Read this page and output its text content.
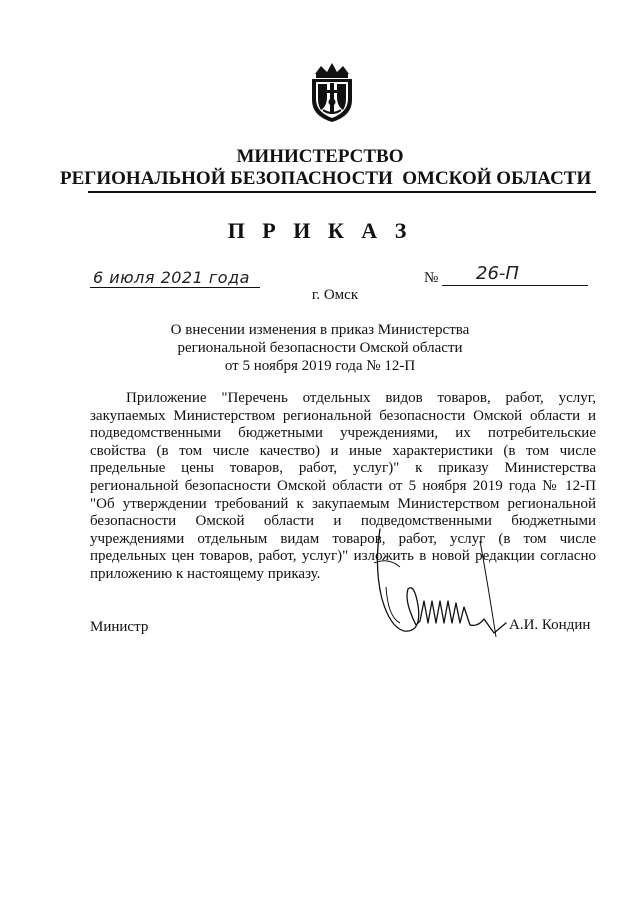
МИНИСТЕРСТВО
РЕГИОНАЛЬНОЙ БЕЗОПАСНОСТИ  ОМСКОЙ ОБЛАСТИ
П Р И К А З
6 июля 2021 года	№ 26-П
г. Омск
О внесении изменения в приказ Министерства
региональной безопасности Омской области
от 5 ноября 2019 года № 12-П

Приложение "Перечень отдельных видов товаров, работ, услуг, закупаемых Министерством региональной безопасности Омской области и подведомственными бюджетными учреждениями, их потребительские свойства (в том числе качество) и иные характеристики (в том числе предельные цены товаров, работ, услуг)" к приказу Министерства региональной безопасности Омской области от 5 ноября 2019 года № 12-П "Об утверждении требований к закупаемым Министерством региональной безопасности Омской области и подведомственными бюджетными учреждениями отдельным видам товаров, работ, услуг (в том числе предельных цен товаров, работ, услуг)" изложить в новой редакции согласно приложению к настоящему приказу.

Министр	А.И. Кондин
